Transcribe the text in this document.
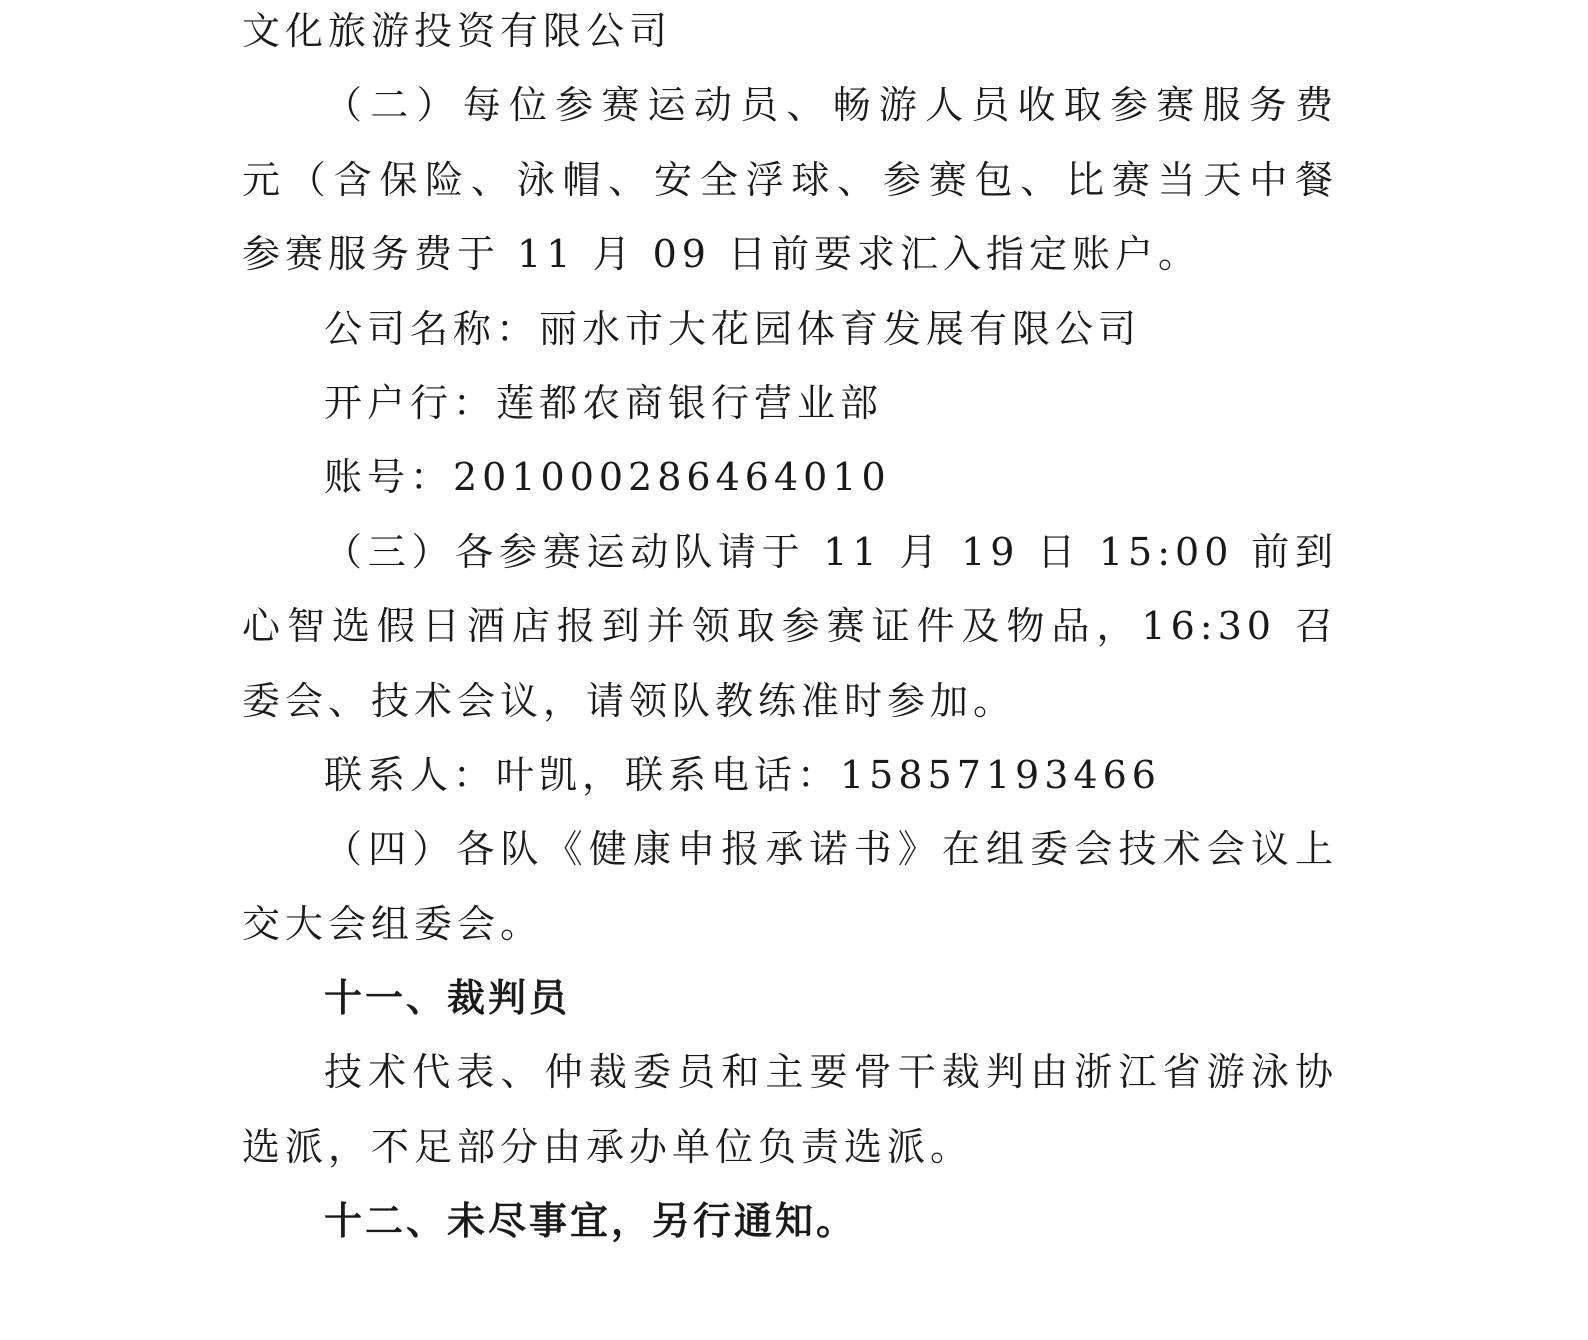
文化旅游投资有限公司
（二）每位参赛运动员、畅游人员收取参赛服务费
元（含保险、泳帽、安全浮球、参赛包、比赛当天中餐
参赛服务费于 11 月 09 日前要求汇入指定账户。
公司名称：丽水市大花园体育发展有限公司
开户行：莲都农商银行营业部
账号：201000286464010
（三）各参赛运动队请于 11 月 19 日 15:00 前到
心智选假日酒店报到并领取参赛证件及物品，16:30 召
委会、技术会议，请领队教练准时参加。
联系人：叶凯，联系电话：15857193466
（四）各队《健康申报承诺书》在组委会技术会议上
交大会组委会。
十一、裁判员
技术代表、仲裁委员和主要骨干裁判由浙江省游泳协
选派，不足部分由承办单位负责选派。
十二、未尽事宜，另行通知。
